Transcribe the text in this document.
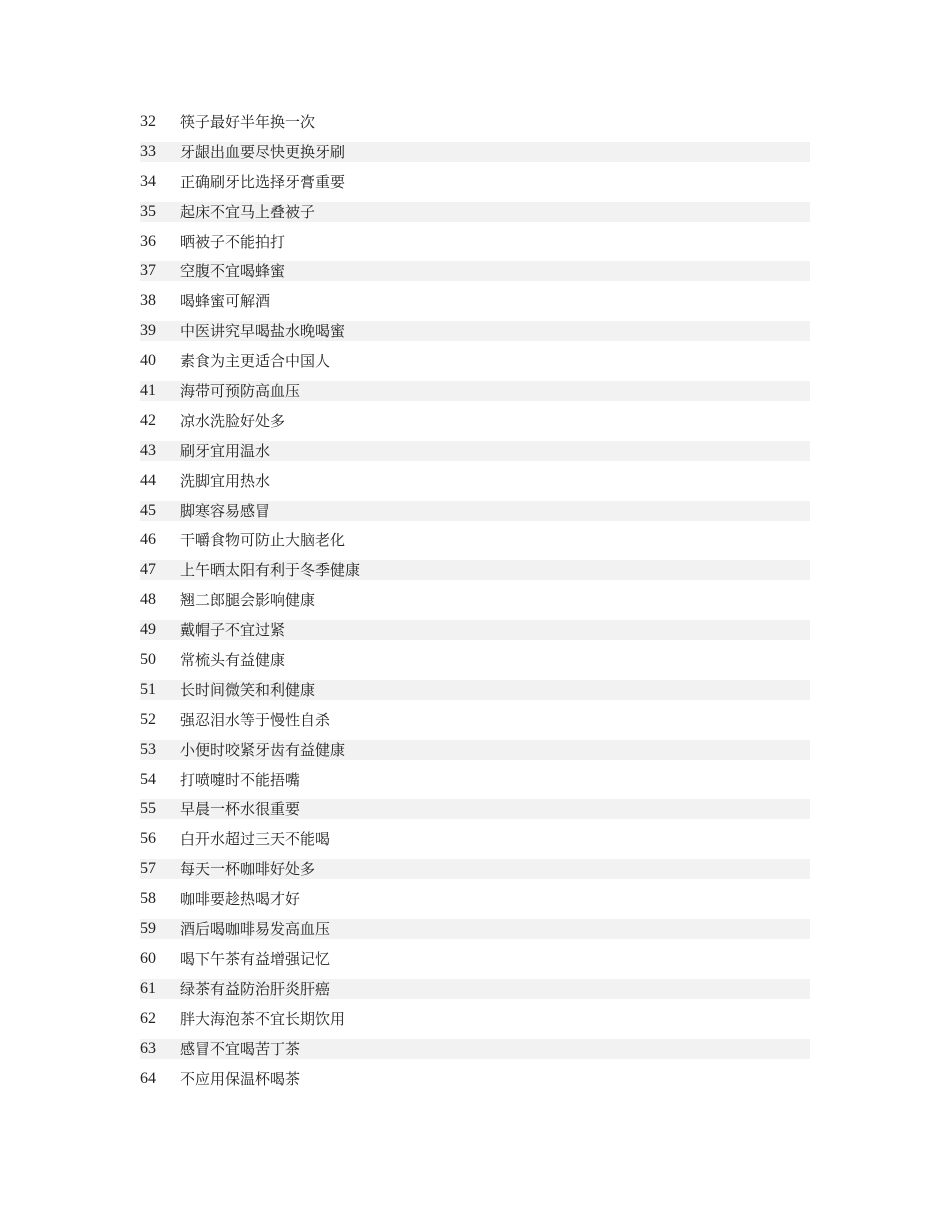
32	筷子最好半年换一次
33	牙龈出血要尽快更换牙刷
34	正确刷牙比选择牙膏重要
35	起床不宜马上叠被子
36	晒被子不能拍打
37	空腹不宜喝蜂蜜
38	喝蜂蜜可解酒
39	中医讲究早喝盐水晚喝蜜
40	素食为主更适合中国人
41	海带可预防高血压
42	凉水洗脸好处多
43	刷牙宜用温水
44	洗脚宜用热水
45	脚寒容易感冒
46	干嚼食物可防止大脑老化
47	上午晒太阳有利于冬季健康
48	翘二郎腿会影响健康
49	戴帽子不宜过紧
50	常梳头有益健康
51	长时间微笑和利健康
52	强忍泪水等于慢性自杀
53	小便时咬紧牙齿有益健康
54	打喷嚏时不能捂嘴
55	早晨一杯水很重要
56	白开水超过三天不能喝
57	每天一杯咖啡好处多
58	咖啡要趁热喝才好
59	酒后喝咖啡易发高血压
60	喝下午茶有益增强记忆
61	绿茶有益防治肝炎肝癌
62	胖大海泡茶不宜长期饮用
63	感冒不宜喝苦丁茶
64	不应用保温杯喝茶
